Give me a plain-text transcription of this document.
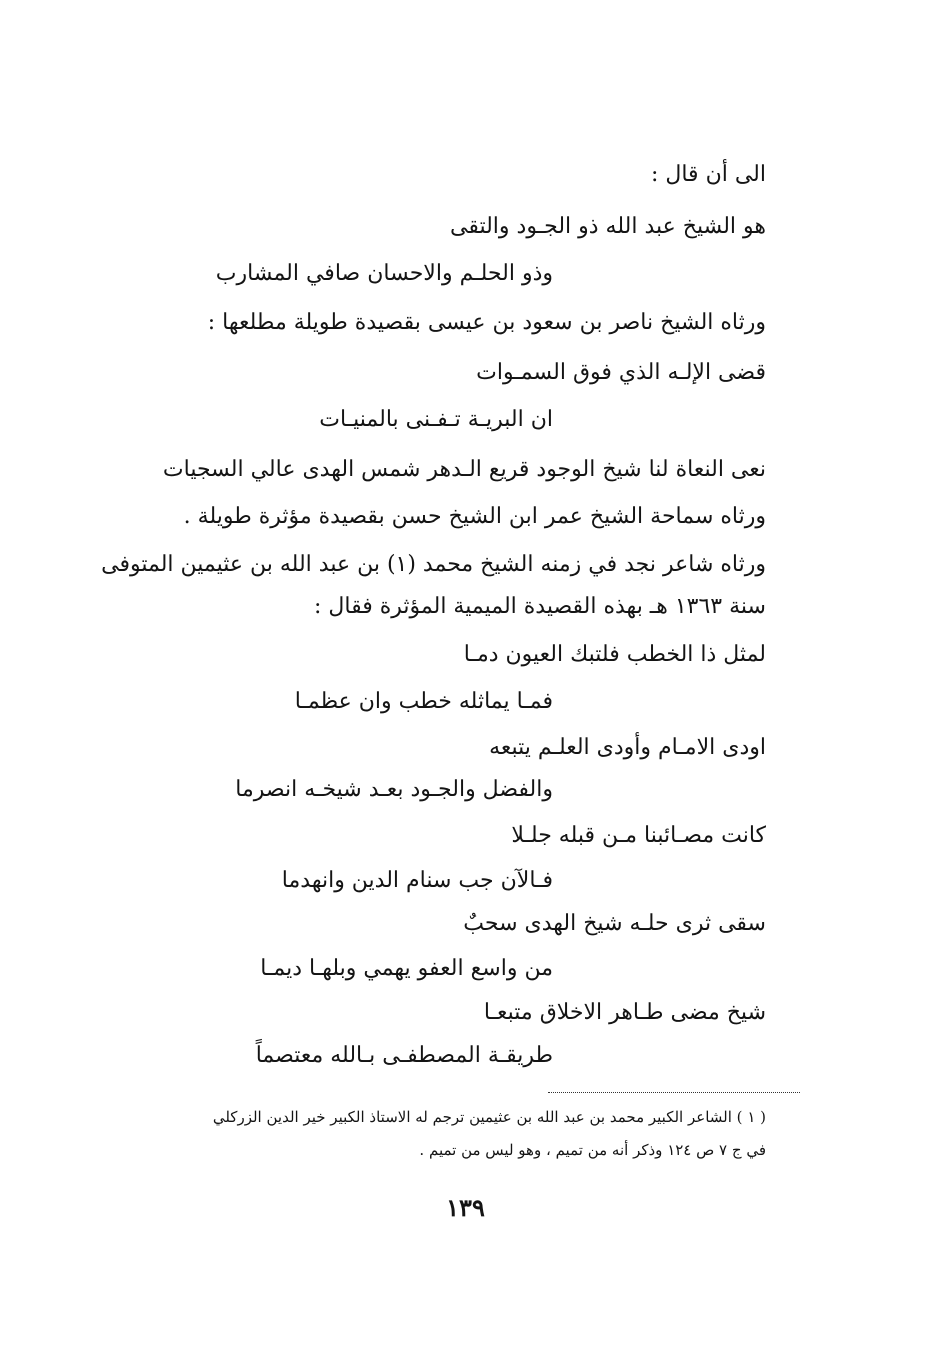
الى أن قال :
هو الشيخ عبد الله ذو الجـود والتقى
وذو الحلـم والاحسان صافي المشارب
ورثاه الشيخ ناصر بن سعود بن عيسى بقصيدة طويلة مطلعها :
قضى الإلـه الذي فوق السمـوات
ان البريـة تـفـنى بالمنيـات
نعى النعاة لنا شيخ الوجود قريع الـدهر شمس الهدى عالي السجيات
ورثاه سماحة الشيخ عمر ابن الشيخ حسن بقصيدة مؤثرة طويلة .
ورثاه شاعر نجد في زمنه الشيخ محمد (١) بن عبد الله بن عثيمين المتوفى
سنة ١٣٦٣ هـ بهذه القصيدة الميمية المؤثرة فقال :
لمثل ذا الخطب فلتبك العيون دمـا
فمـا يماثله خطب وان عظمـا
اودى الامـام وأودى العلـم يتبعه
والفضل والجـود بعـد شيخـه انصرما
كانت مصـائبنا مـن قبله جلـلا
فـالآن جب سنام الدين وانهدما
سقى ثرى حلـه شيخ الهدى سحبٌ
من واسع العفو يهمي وبلهـا ديمـا
شيخ مضى طـاهر الاخلاق متبعـا
طريقـة المصطفـى بـالله معتصماً
( ١ ) الشاعر الكبير محمد بن عبد الله بن عثيمين ترجم له الاستاذ الكبير خير الدين الزركلي
في ج ٧ ص ١٢٤ وذكر أنه من تميم ، وهو ليس من تميم .
١٣٩
